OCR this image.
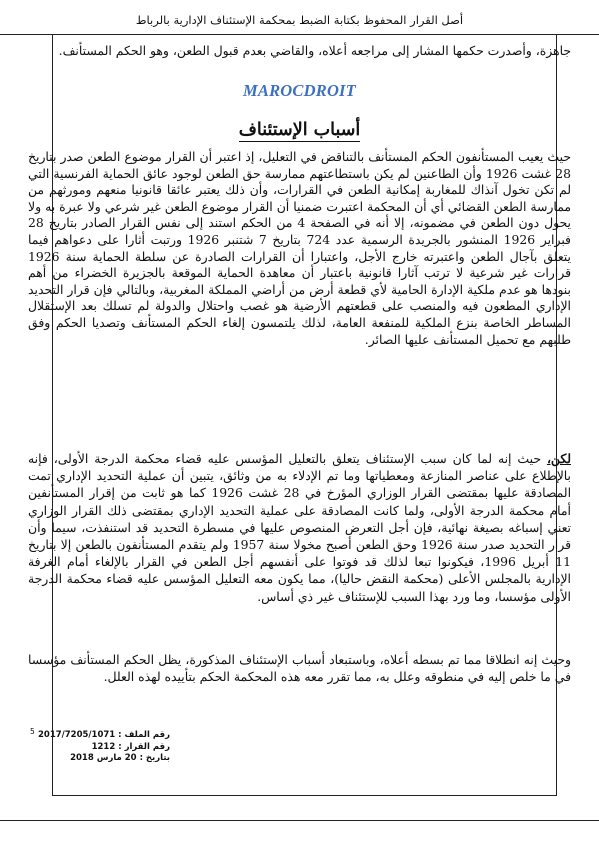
أصل القرار المحفوظ بكتابة الضبط بمحكمة الإستئناف الإدارية بالرباط
جاهزة، وأصدرت حكمها المشار إلى مراجعه أعلاه، والقاضي بعدم قبول الطعن، وهو الحكم المستأنف.
MAROCDROIT
أسباب الإستئناف
حيث يعيب المستأنفون الحكم المستأنف بالتناقض في التعليل، إذ اعتبر أن القرار موضوع الطعن صدر بتاريخ 28 غشت 1926 وأن الطاعنين لم يكن باستطاعتهم ممارسة حق الطعن لوجود عائق الحماية الفرنسية التي لم تكن تخول آنذاك للمغاربة إمكانية الطعن في القرارات، وأن ذلك يعتبر عائقا قانونيا منعهم ومورثهم من ممارسة الطعن القضائي أي أن المحكمة اعتبرت ضمنيا أن القرار موضوع الطعن غير شرعي ولا عبرة به ولا يحول دون الطعن في مضمونه، إلا أنه في الصفحة 4 من الحكم استند إلى نفس القرار الصادر بتاريخ 28 فبراير 1926 المنشور بالجريدة الرسمية عدد 724 بتاريخ 7 شتنبر 1926 ورتبت أثارا على دعواهم فيما يتعلق بآجال الطعن واعتبرته خارج الأجل، واعتبارا أن القرارات الصادرة عن سلطة الحماية سنة 1926 قرارات غير شرعية لا ترتب آثارا قانونية باعتبار أن معاهدة الحماية الموقعة بالجزيرة الخضراء من أهم بنودها هو عدم ملكية الإدارة الحامية لأي قطعة أرض من أراضي المملكة المغربية، وبالتالي فإن قرار التحديد الإداري المطعون فيه والمنصب على قطعتهم الأرضية هو غصب واحتلال والدولة لم تسلك بعد الإستقلال المساطر الخاصة بنزع الملكية للمنفعة العامة، لذلك يلتمسون إلغاء الحكم المستأنف وتصديا الحكم وفق طلبهم مع تحميل المستأنف عليها الصائر.
لكن، حيث إنه لما كان سبب الإستئناف يتعلق بالتعليل المؤسس عليه قضاء محكمة الدرجة الأولى، فإنه بالإطلاع على عناصر المنازعة ومعطياتها وما تم الإدلاء به من وثائق، يتبين أن عملية التحديد الإداري تمت المصادقة عليها بمقتضى القرار الوزاري المؤرخ في 28 غشت 1926 كما هو ثابت من إقرار المستأنفين أمام محكمة الدرجة الأولى، ولما كانت المصادقة على عملية التحديد الإداري بمقتضى ذلك القرار الوزاري تعني إسباغه بصيغة نهائية، فإن أجل التعرض المنصوص عليها في مسطرة التحديد قد استنفذت، سيما وأن قرار التحديد صدر سنة 1926 وحق الطعن أصبح مخولا سنة 1957 ولم يتقدم المستأنفون بالطعن إلا بتاريخ 11 أبريل 1996، فيكونوا تبعا لذلك قد فوتوا على أنفسهم أجل الطعن في القرار بالإلغاء أمام الغرفة الإدارية بالمجلس الأعلى (محكمة النقض حاليا)، مما يكون معه التعليل المؤسس عليه قضاء محكمة الدرجة الأولى مؤسسا، وما ورد بهذا السبب للإستئناف غير ذي أساس.
وحيث إنه انطلاقا مما تم بسطه أعلاه، وباستبعاد أسباب الإستئناف المذكورة، يظل الحكم المستأنف مؤسسا في ما خلص إليه في منطوقه وعلل به، مما تقرر معه هذه المحكمة الحكم بتأييده لهذه العلل.
5	رقم الملف : 2017/7205/1071
رقم القرار : 1212
بتاريخ : 20 مارس 2018
